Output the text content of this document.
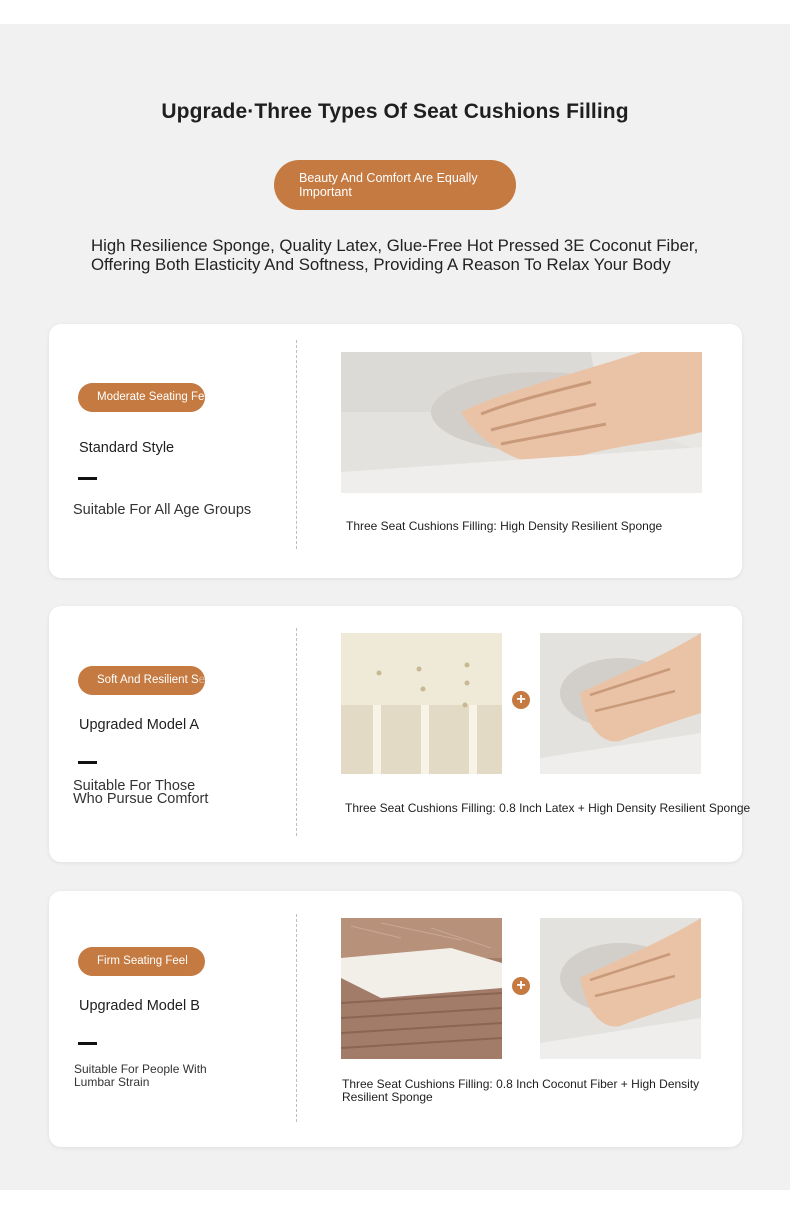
Upgrade·Three Types Of Seat Cushions Filling
Beauty And Comfort Are Equally Important
High Resilience Sponge, Quality Latex, Glue-Free Hot Pressed 3E Coconut Fiber,
Offering Both Elasticity And Softness, Providing A Reason To Relax Your Body
Moderate Seating Feel
Standard Style
Suitable For All Age Groups
Three Seat Cushions Filling: High Density Resilient Sponge
Soft And Resilient Seating Feel
Upgraded Model A
Suitable For Those
Who Pursue Comfort
+
Three Seat Cushions Filling: 0.8 Inch Latex + High Density Resilient Sponge
Firm Seating Feel
Upgraded Model B
Suitable For People With
Lumbar Strain
+
Three Seat Cushions Filling: 0.8 Inch Coconut Fiber + High Density
Resilient Sponge
